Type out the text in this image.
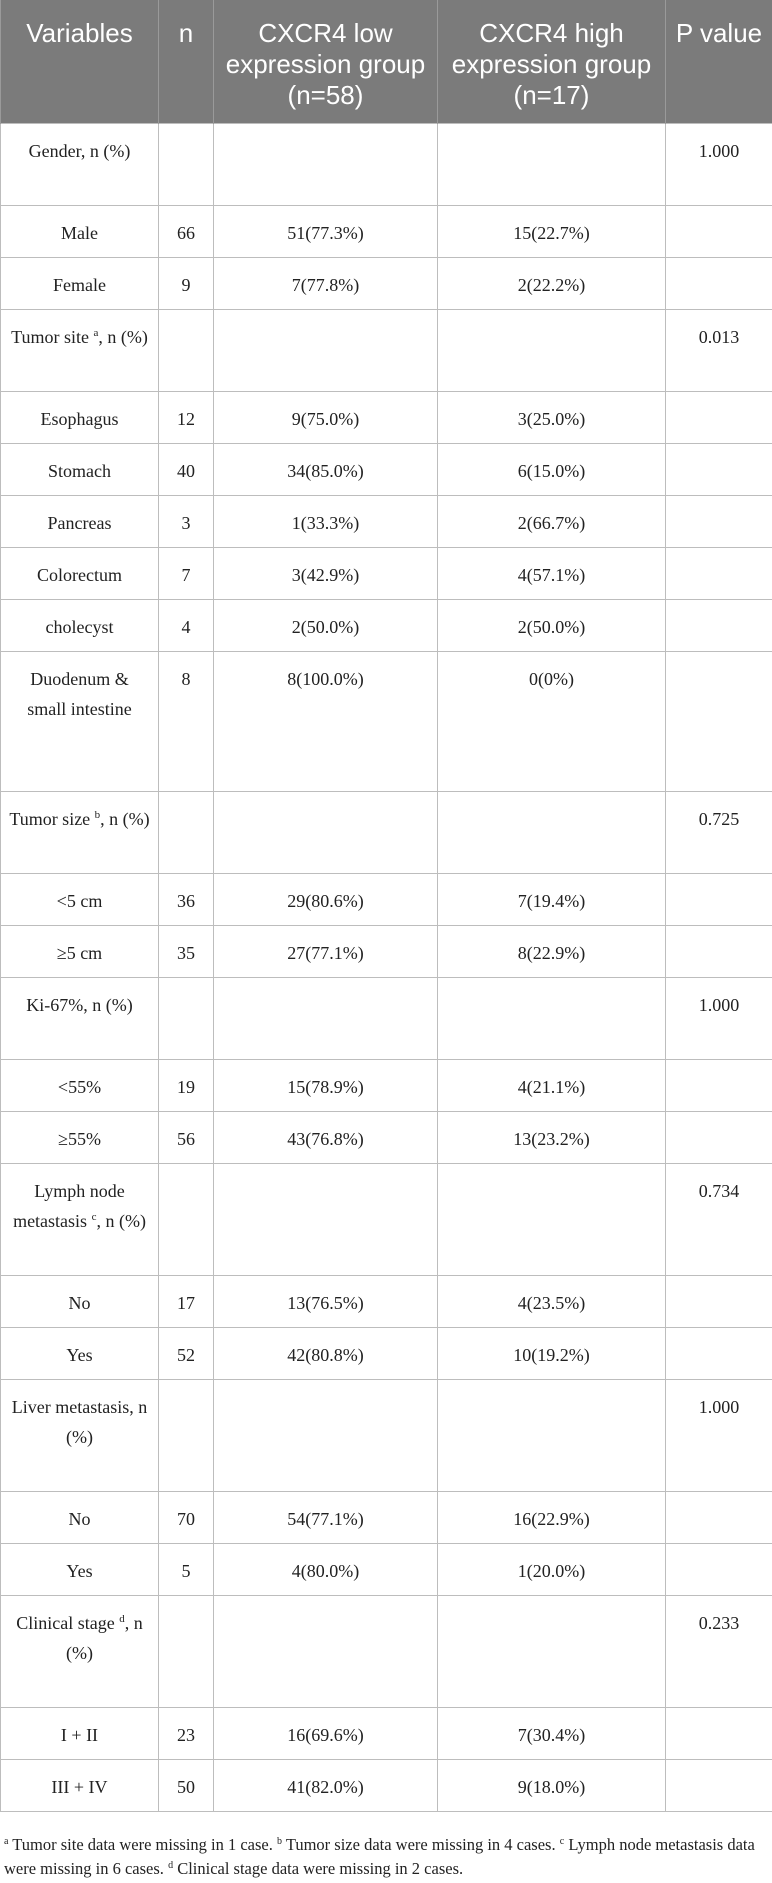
Variables	n	CXCR4 low expression group (n=58)	CXCR4 high expression group (n=17)	P value
Gender, n (%)				1.000
Male	66	51(77.3%)	15(22.7%)	
Female	9	7(77.8%)	2(22.2%)	
Tumor site $^a$, n (%)				0.013
Esophagus	12	9(75.0%)	3(25.0%)	
Stomach	40	34(85.0%)	6(15.0%)	
Pancreas	3	1(33.3%)	2(66.7%)	
Colorectum	7	3(42.9%)	4(57.1%)	
cholecyst	4	2(50.0%)	2(50.0%)	
Duodenum & small intestine	8	8(100.0%)	0(0%)	
Tumor size $^b$, n (%)				0.725
<5 cm	36	29(80.6%)	7(19.4%)	
≥5 cm	35	27(77.1%)	8(22.9%)	
Ki-67%, n (%)				1.000
<55%	19	15(78.9%)	4(21.1%)	
≥55%	56	43(76.8%)	13(23.2%)	
Lymph node metastasis $^c$, n (%)				0.734
No	17	13(76.5%)	4(23.5%)	
Yes	52	42(80.8%)	10(19.2%)	
Liver metastasis, n (%)				1.000
No	70	54(77.1%)	16(22.9%)	
Yes	5	4(80.0%)	1(20.0%)	
Clinical stage $^d$, n (%)				0.233
I + II	23	16(69.6%)	7(30.4%)	
III + IV	50	41(82.0%)	9(18.0%)	
$^a$ Tumor site data were missing in 1 case. $^b$ Tumor size data were missing in 4 cases. $^c$ Lymph node metastasis data were missing in 6 cases. $^d$ Clinical stage data were missing in 2 cases.
